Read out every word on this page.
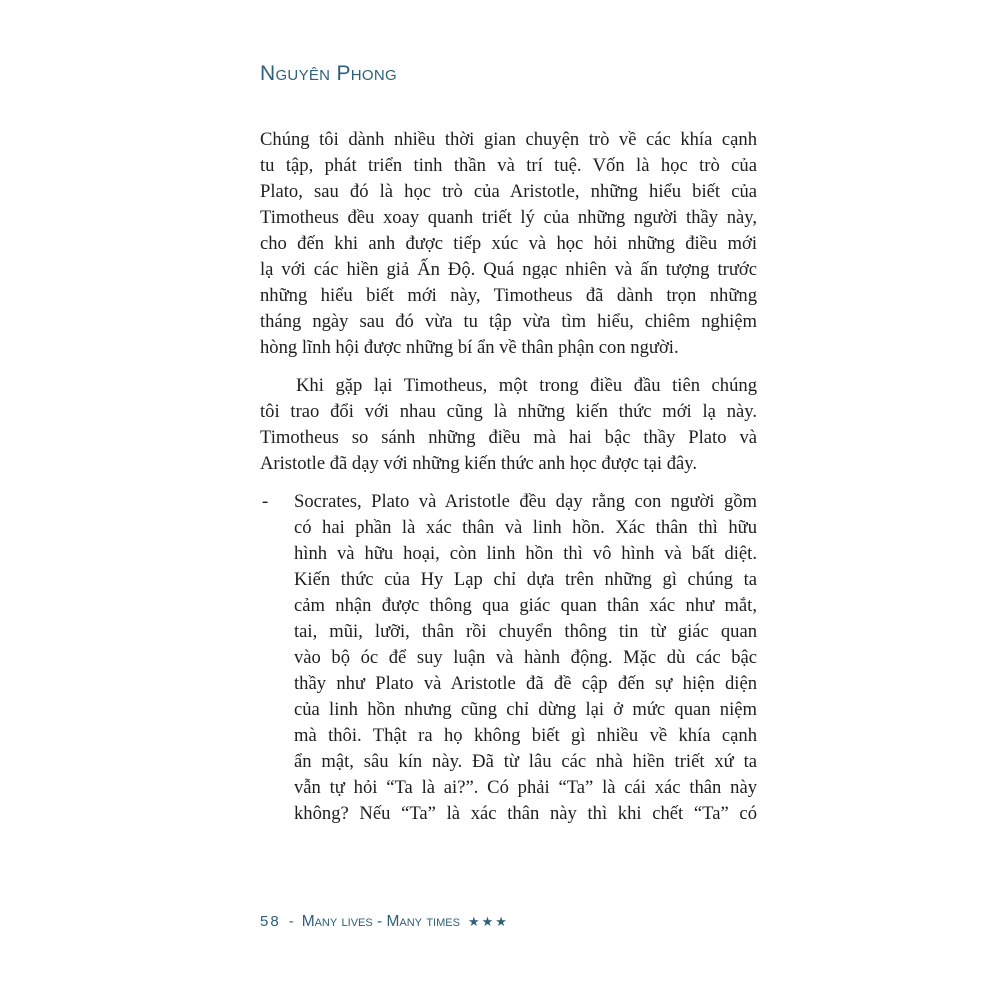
Nguyên Phong
Chúng tôi dành nhiều thời gian chuyện trò về các khía cạnh
tu tập, phát triển tinh thần và trí tuệ. Vốn là học trò của
Plato, sau đó là học trò của Aristotle, những hiểu biết của
Timotheus đều xoay quanh triết lý của những người thầy này,
cho đến khi anh được tiếp xúc và học hỏi những điều mới
lạ với các hiền giả Ấn Độ. Quá ngạc nhiên và ấn tượng trước
những hiểu biết mới này, Timotheus đã dành trọn những
tháng ngày sau đó vừa tu tập vừa tìm hiểu, chiêm nghiệm
hòng lĩnh hội được những bí ẩn về thân phận con người.
Khi gặp lại Timotheus, một trong điều đầu tiên chúng
tôi trao đổi với nhau cũng là những kiến thức mới lạ này.
Timotheus so sánh những điều mà hai bậc thầy Plato và
Aristotle đã dạy với những kiến thức anh học được tại đây.
-	Socrates, Plato và Aristotle đều dạy rằng con người gồm
có hai phần là xác thân và linh hồn. Xác thân thì hữu
hình và hữu hoại, còn linh hồn thì vô hình và bất diệt.
Kiến thức của Hy Lạp chỉ dựa trên những gì chúng ta
cảm nhận được thông qua giác quan thân xác như mắt,
tai, mũi, lưỡi, thân rồi chuyển thông tin từ giác quan
vào bộ óc để suy luận và hành động. Mặc dù các bậc
thầy như Plato và Aristotle đã đề cập đến sự hiện diện
của linh hồn nhưng cũng chỉ dừng lại ở mức quan niệm
mà thôi. Thật ra họ không biết gì nhiều về khía cạnh
ẩn mật, sâu kín này. Đã từ lâu các nhà hiền triết xứ ta
vẫn tự hỏi “Ta là ai?”. Có phải “Ta” là cái xác thân này
không? Nếu “Ta” là xác thân này thì khi chết “Ta” có
58 - Many lives - Many times ★★★
